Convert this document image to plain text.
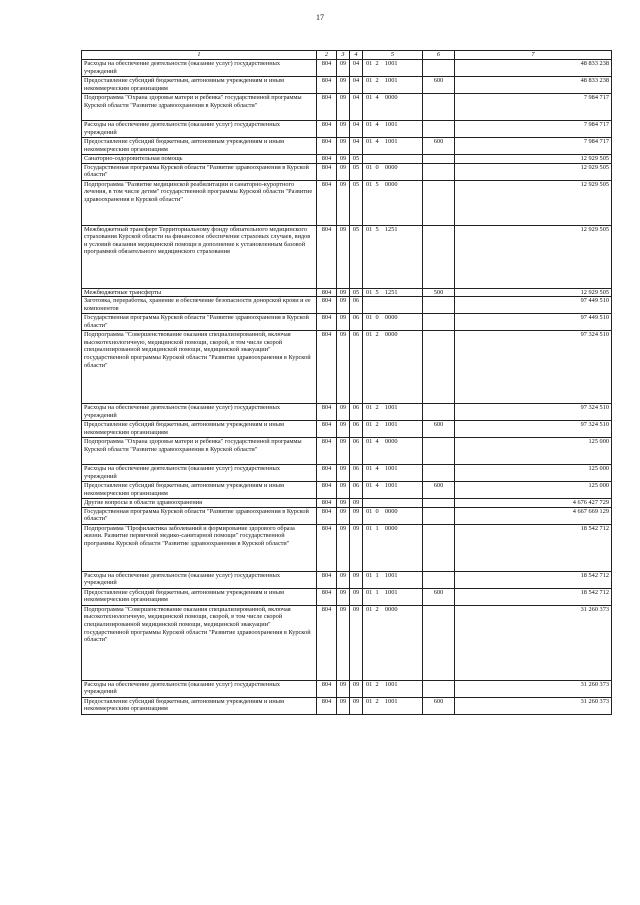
17
1	2	3	4	5	6	7
Расходы на обеспечение деятельности (оказание услуг) государственных учреждений	804	09	04	01  2    1001		48 833 238
Предоставление субсидий бюджетным, автономным учреждениям и иным некоммерческим организациям	804	09	04	01  2    1001	600	48 833 238
Подпрограмма "Охрана здоровья матери и ребенка" государственной программы Курской области "Развитие здравоохранения в Курской области"	804	09	04	01  4    0000		7 984 717
Расходы на обеспечение деятельности (оказание услуг) государственных учреждений	804	09	04	01  4    1001		7 984 717
Предоставление субсидий бюджетным, автономным учреждениям и иным некоммерческим организациям	804	09	04	01  4    1001	600	7 984 717
Санаторно-оздоровительная помощь	804	09	05			12 929 505
Государственная программа Курской области "Развитие здравоохранения в Курской области"	804	09	05	01  0    0000		12 929 505
Подпрограмма "Развитие медицинской реабилитации и санаторно-курортного лечения, в том числе детям" государственной программы Курской области "Развитие здравоохранения в Курской области"	804	09	05	01  5    0000		12 929 505
Межбюджетный трансферт Территориальному фонду обязательного медицинского страхования Курской области на финансовое обеспечение страховых случаев, видов и условий оказания медицинской помощи в дополнение к установленным базовой программой обязательного медицинского страхования	804	09	05	01  5    1251		12 929 505
Межбюджетные трансферты	804	09	05	01  5    1251	500	12 929 505
Заготовка, переработка, хранение и обеспечение безопасности донорской крови и ее компонентов	804	09	06			97 449 510
Государственная программа Курской области "Развитие здравоохранения в Курской области"	804	09	06	01  0    0000		97 449 510
Подпрограмма "Совершенствование оказания специализированной, включая высокотехнологичную, медицинской помощи, скорой, в том числе скорой специализированной медицинской помощи, медицинской эвакуации" государственной программы Курской области "Развитие здравоохранения в Курской области"	804	09	06	01  2    0000		97 324 510
Расходы на обеспечение деятельности (оказание услуг) государственных учреждений	804	09	06	01  2    1001		97 324 510
Предоставление субсидий бюджетным, автономным учреждениям и иным некоммерческим организациям	804	09	06	01  2    1001	600	97 324 510
Подпрограмма "Охрана здоровья матери и ребенка" государственной программы Курской области "Развитие здравоохранения в Курской области"	804	09	06	01  4    0000		125 000
Расходы на обеспечение деятельности (оказание услуг) государственных учреждений	804	09	06	01  4    1001		125 000
Предоставление субсидий бюджетным, автономным учреждениям и иным некоммерческим организациям	804	09	06	01  4    1001	600	125 000
Другие вопросы в области здравоохранения	804	09	09			4 676 427 729
Государственная программа Курской области "Развитие здравоохранения в Курской области"	804	09	09	01  0    0000		4 667 669 129
Подпрограмма "Профилактика заболеваний и формирование здорового образа жизни. Развитие первичной медико-санитарной помощи" государственной программы Курской области "Развитие здравоохранения в Курской области"	804	09	09	01  1    0000		18 542 712
Расходы на обеспечение деятельности (оказание услуг) государственных учреждений	804	09	09	01  1    1001		18 542 712
Предоставление субсидий бюджетным, автономным учреждениям и иным некоммерческим организациям	804	09	09	01  1    1001	600	18 542 712
Подпрограмма "Совершенствование оказания специализированной, включая высокотехнологичную, медицинской помощи, скорой, в том числе скорой специализированной медицинской помощи, медицинской эвакуации" государственной программы Курской области "Развитие здравоохранения в Курской области"	804	09	09	01  2    0000		31 260 373
Расходы на обеспечение деятельности (оказание услуг) государственных учреждений	804	09	09	01  2    1001		31 260 373
Предоставление субсидий бюджетным, автономным учреждениям и иным некоммерческим организациям	804	09	09	01  2    1001	600	31 260 373
